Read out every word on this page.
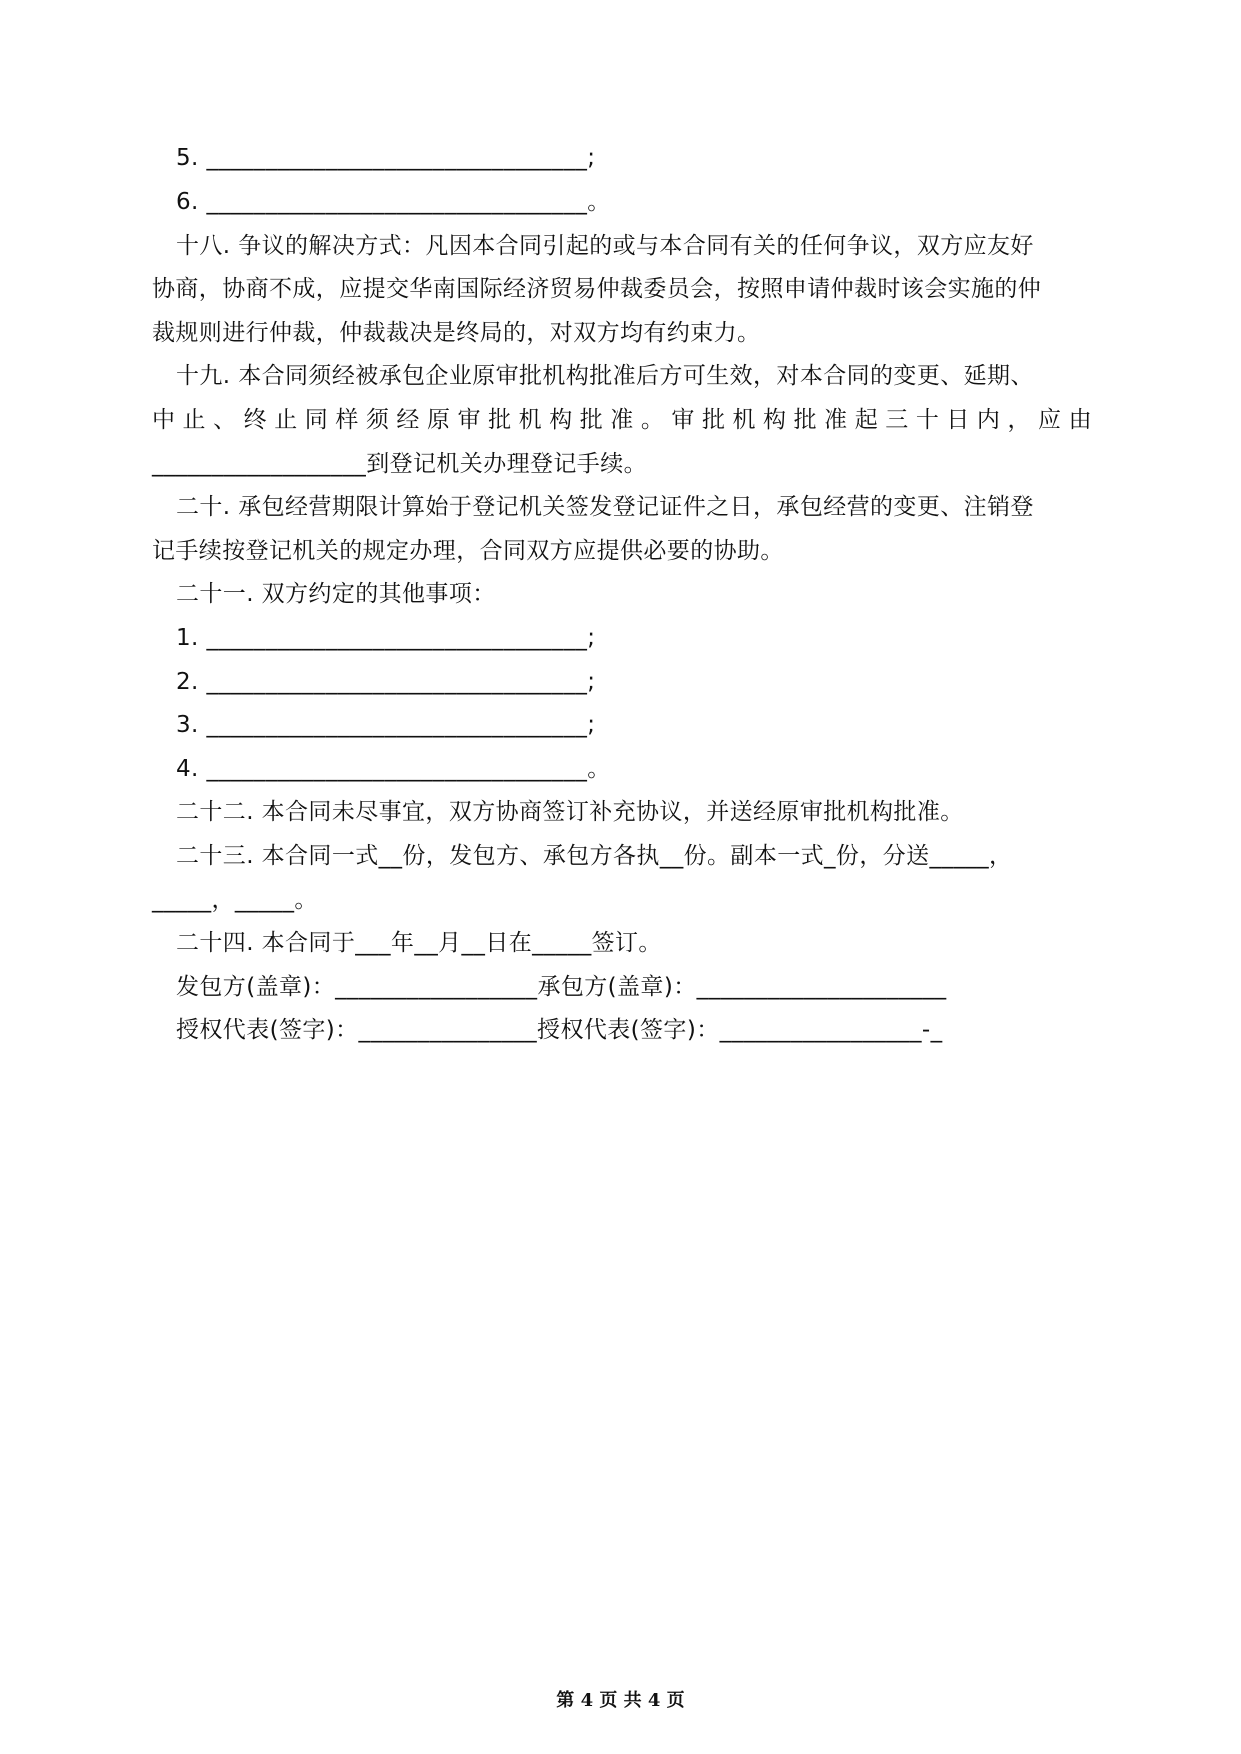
5. ________________________________;
6. ________________________________。
十八. 争议的解决方式：凡因本合同引起的或与本合同有关的任何争议，双方应友好
协商，协商不成，应提交华南国际经济贸易仲裁委员会，按照申请仲裁时该会实施的仲
裁规则进行仲裁，仲裁裁决是终局的，对双方均有约束力。
十九. 本合同须经被承包企业原审批机构批准后方可生效，对本合同的变更、延期、
中止、终止同样须经原审批机构批准。审批机构批准起三十日内，应由
__________________到登记机关办理登记手续。
二十. 承包经营期限计算始于登记机关签发登记证件之日，承包经营的变更、注销登
记手续按登记机关的规定办理，合同双方应提供必要的协助。
二十一. 双方约定的其他事项：
1. ________________________________;
2. ________________________________;
3. ________________________________;
4. ________________________________。
二十二. 本合同未尽事宜，双方协商签订补充协议，并送经原审批机构批准。
二十三. 本合同一式__份，发包方、承包方各执__份。副本一式_份，分送_____，
_____，_____。
二十四. 本合同于___年__月__日在_____签订。
发包方(盖章)：_________________承包方(盖章)：_____________________
授权代表(签字)：_______________授权代表(签字)：_________________-_
第 4 页 共 4 页
